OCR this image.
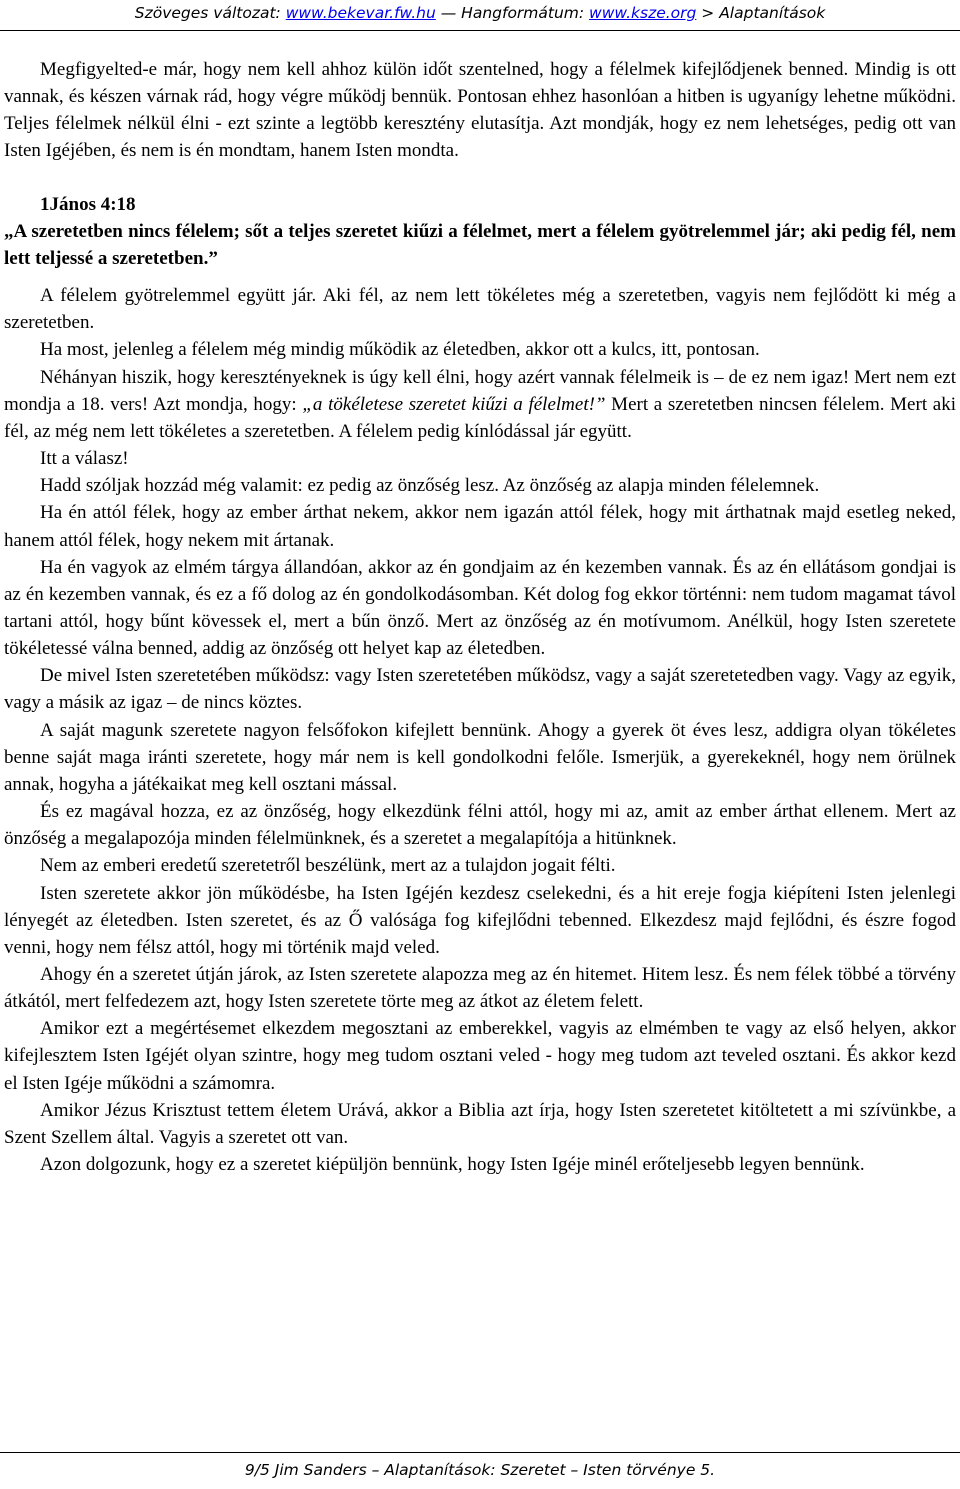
Szöveges változat: www.bekevar.fw.hu — Hangformátum: www.ksze.org > Alaptanítások

Megfigyelted-e már, hogy nem kell ahhoz külön időt szentelned, hogy a félelmek kifejlődjenek benned. Mindig is ott vannak, és készen várnak rád, hogy végre működj bennük. Pontosan ehhez hasonlóan a hitben is ugyanígy lehetne működni. Teljes félelmek nélkül élni - ezt szinte a legtöbb keresztény elutasítja. Azt mondják, hogy ez nem lehetséges, pedig ott van Isten Igéjében, és nem is én mondtam, hanem Isten mondta.

1János 4:18

„A szeretetben nincs félelem; sőt a teljes szeretet kiűzi a félelmet, mert a félelem gyötrelemmel jár; aki pedig fél, nem lett teljessé a szeretetben.”

A félelem gyötrelemmel együtt jár. Aki fél, az nem lett tökéletes még a szeretetben, vagyis nem fejlődött ki még a szeretetben.

Ha most, jelenleg a félelem még mindig működik az életedben, akkor ott a kulcs, itt, pontosan.

Néhányan hiszik, hogy keresztényeknek is úgy kell élni, hogy azért vannak félelmeik is – de ez nem igaz! Mert nem ezt mondja a 18. vers! Azt mondja, hogy: „a tökéletese szeretet kiűzi a félelmet!” Mert a szeretetben nincsen félelem. Mert aki fél, az még nem lett tökéletes a szeretetben. A félelem pedig kínlódással jár együtt.

Itt a válasz!

Hadd szóljak hozzád még valamit: ez pedig az önzőség lesz. Az önzőség az alapja minden félelemnek.

Ha én attól félek, hogy az ember árthat nekem, akkor nem igazán attól félek, hogy mit árthatnak majd esetleg neked, hanem attól félek, hogy nekem mit ártanak.

Ha én vagyok az elmém tárgya állandóan, akkor az én gondjaim az én kezemben vannak. És az én ellátásom gondjai is az én kezemben vannak, és ez a fő dolog az én gondolkodásomban. Két dolog fog ekkor történni: nem tudom magamat távol tartani attól, hogy bűnt kövessek el, mert a bűn önző. Mert az önzőség az én motívumom. Anélkül, hogy Isten szeretete tökéletessé válna benned, addig az önzőség ott helyet kap az életedben.

De mivel Isten szeretetében működsz: vagy Isten szeretetében működsz, vagy a saját szeretetedben vagy. Vagy az egyik, vagy a másik az igaz – de nincs köztes.

A saját magunk szeretete nagyon felsőfokon kifejlett bennünk. Ahogy a gyerek öt éves lesz, addigra olyan tökéletes benne saját maga iránti szeretete, hogy már nem is kell gondolkodni felőle. Ismerjük, a gyerekeknél, hogy nem örülnek annak, hogyha a játékaikat meg kell osztani mással.

És ez magával hozza, ez az önzőség, hogy elkezdünk félni attól, hogy mi az, amit az ember árthat ellenem. Mert az önzőség a megalapozója minden félelmünknek, és a szeretet a megalapítója a hitünknek.

Nem az emberi eredetű szeretetről beszélünk, mert az a tulajdon jogait félti.

Isten szeretete akkor jön működésbe, ha Isten Igéjén kezdesz cselekedni, és a hit ereje fogja kiépíteni Isten jelenlegi lényegét az életedben. Isten szeretet, és az Ő valósága fog kifejlődni tebenned. Elkezdesz majd fejlődni, és észre fogod venni, hogy nem félsz attól, hogy mi történik majd veled.

Ahogy én a szeretet útján járok, az Isten szeretete alapozza meg az én hitemet. Hitem lesz. És nem félek többé a törvény átkától, mert felfedezem azt, hogy Isten szeretete törte meg az átkot az életem felett.

Amikor ezt a megértésemet elkezdem megosztani az emberekkel, vagyis az elmémben te vagy az első helyen, akkor kifejlesztem Isten Igéjét olyan szintre, hogy meg tudom osztani veled - hogy meg tudom azt teveled osztani. És akkor kezd el Isten Igéje működni a számomra.

Amikor Jézus Krisztust tettem életem Urává, akkor a Biblia azt írja, hogy Isten szeretetet kitöltetett a mi szívünkbe, a Szent Szellem által. Vagyis a szeretet ott van.

Azon dolgozunk, hogy ez a szeretet kiépüljön bennünk, hogy Isten Igéje minél erőteljesebb legyen bennünk.

9/5 Jim Sanders – Alaptanítások: Szeretet – Isten törvénye 5.
